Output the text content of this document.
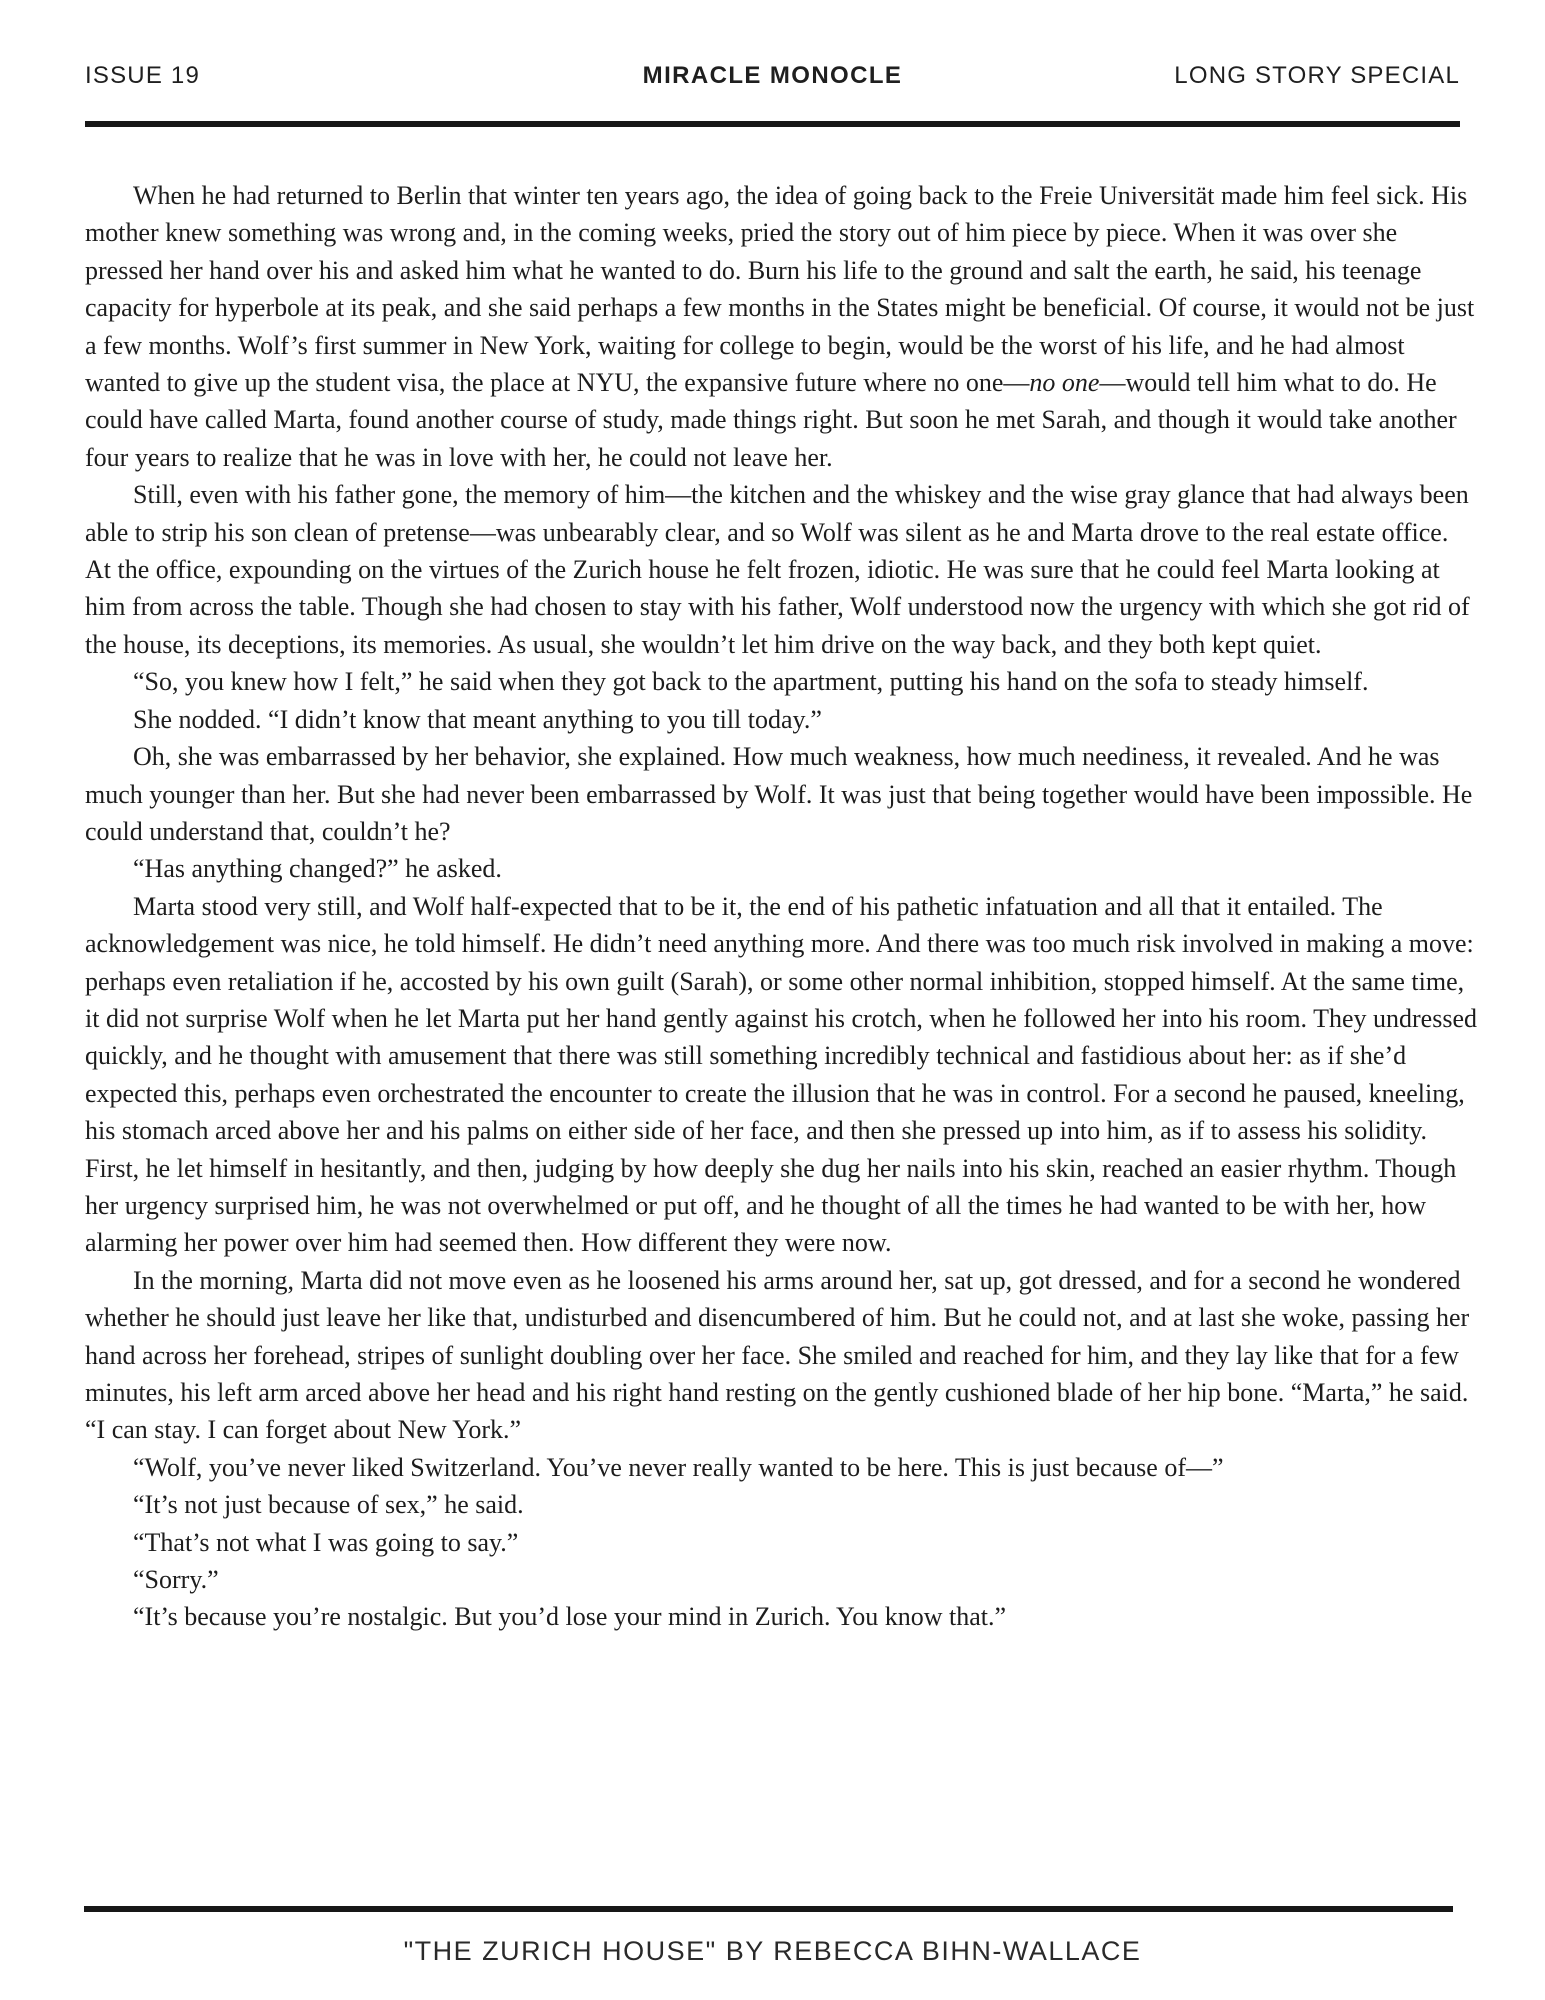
ISSUE 19	MIRACLE MONOCLE	LONG STORY SPECIAL

When he had returned to Berlin that winter ten years ago, the idea of going back to the Freie Universität made him feel sick. His mother knew something was wrong and, in the coming weeks, pried the story out of him piece by piece. When it was over she pressed her hand over his and asked him what he wanted to do. Burn his life to the ground and salt the earth, he said, his teenage capacity for hyperbole at its peak, and she said perhaps a few months in the States might be beneficial. Of course, it would not be just a few months. Wolf’s first summer in New York, waiting for college to begin, would be the worst of his life, and he had almost wanted to give up the student visa, the place at NYU, the expansive future where no one—no one—would tell him what to do. He could have called Marta, found another course of study, made things right. But soon he met Sarah, and though it would take another four years to realize that he was in love with her, he could not leave her.

Still, even with his father gone, the memory of him—the kitchen and the whiskey and the wise gray glance that had always been able to strip his son clean of pretense—was unbearably clear, and so Wolf was silent as he and Marta drove to the real estate office. At the office, expounding on the virtues of the Zurich house he felt frozen, idiotic. He was sure that he could feel Marta looking at him from across the table. Though she had chosen to stay with his father, Wolf understood now the urgency with which she got rid of the house, its deceptions, its memories. As usual, she wouldn’t let him drive on the way back, and they both kept quiet.

“So, you knew how I felt,” he said when they got back to the apartment, putting his hand on the sofa to steady himself.

She nodded. “I didn’t know that meant anything to you till today.”

Oh, she was embarrassed by her behavior, she explained. How much weakness, how much neediness, it revealed. And he was much younger than her. But she had never been embarrassed by Wolf. It was just that being together would have been impossible. He could understand that, couldn’t he?

“Has anything changed?” he asked.

Marta stood very still, and Wolf half-expected that to be it, the end of his pathetic infatuation and all that it entailed. The acknowledgement was nice, he told himself. He didn’t need anything more. And there was too much risk involved in making a move: perhaps even retaliation if he, accosted by his own guilt (Sarah), or some other normal inhibition, stopped himself. At the same time, it did not surprise Wolf when he let Marta put her hand gently against his crotch, when he followed her into his room. They undressed quickly, and he thought with amusement that there was still something incredibly technical and fastidious about her: as if she’d expected this, perhaps even orchestrated the encounter to create the illusion that he was in control. For a second he paused, kneeling, his stomach arced above her and his palms on either side of her face, and then she pressed up into him, as if to assess his solidity. First, he let himself in hesitantly, and then, judging by how deeply she dug her nails into his skin, reached an easier rhythm. Though her urgency surprised him, he was not overwhelmed or put off, and he thought of all the times he had wanted to be with her, how alarming her power over him had seemed then. How different they were now.

In the morning, Marta did not move even as he loosened his arms around her, sat up, got dressed, and for a second he wondered whether he should just leave her like that, undisturbed and disencumbered of him. But he could not, and at last she woke, passing her hand across her forehead, stripes of sunlight doubling over her face. She smiled and reached for him, and they lay like that for a few minutes, his left arm arced above her head and his right hand resting on the gently cushioned blade of her hip bone. “Marta,” he said. “I can stay. I can forget about New York.”

“Wolf, you’ve never liked Switzerland. You’ve never really wanted to be here. This is just because of—”

“It’s not just because of sex,” he said.

“That’s not what I was going to say.”

“Sorry.”

“It’s because you’re nostalgic. But you’d lose your mind in Zurich. You know that.”

"THE ZURICH HOUSE" BY REBECCA BIHN-WALLACE
